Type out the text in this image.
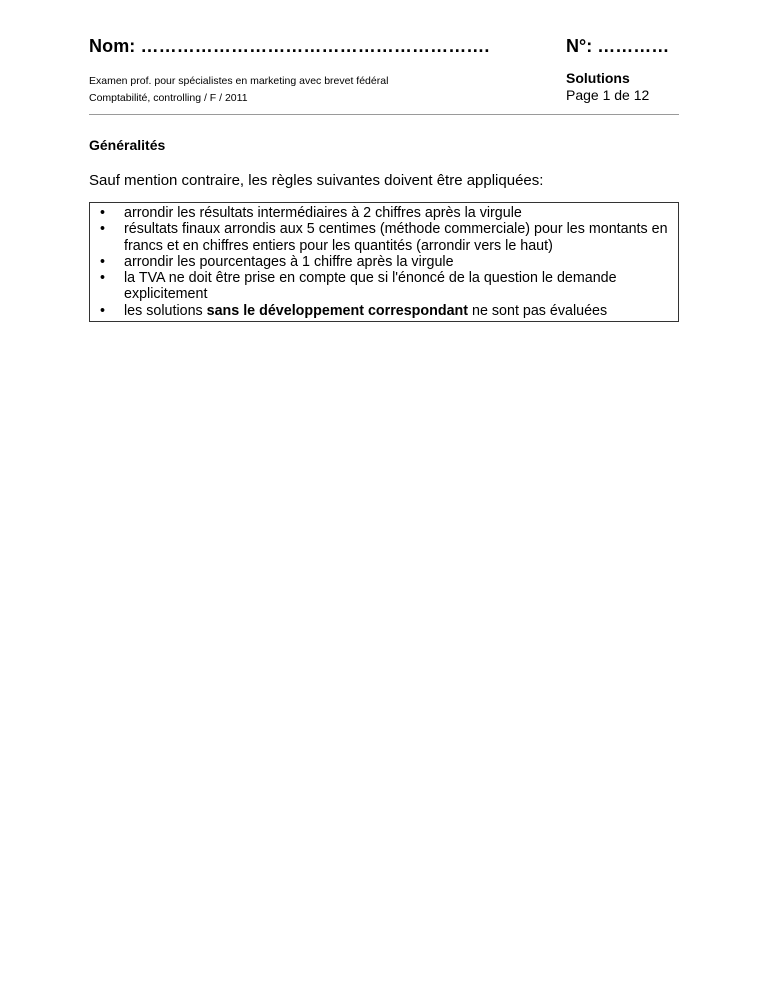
Nom: ………………………………………………….	N°: …………
Examen prof. pour spécialistes en marketing avec brevet fédéral
Comptabilité, controlling / F / 2011
Solutions
Page 1 de 12
Généralités
Sauf mention contraire, les règles suivantes doivent être appliquées:
• arrondir les résultats intermédiaires à 2 chiffres après la virgule
• résultats finaux arrondis aux 5 centimes (méthode commerciale) pour les montants en francs et en chiffres entiers pour les quantités (arrondir vers le haut)
• arrondir les pourcentages à 1 chiffre après la virgule
• la TVA ne doit être prise en compte que si l'énoncé de la question le demande explicitement
• les solutions sans le développement correspondant ne sont pas évaluées
